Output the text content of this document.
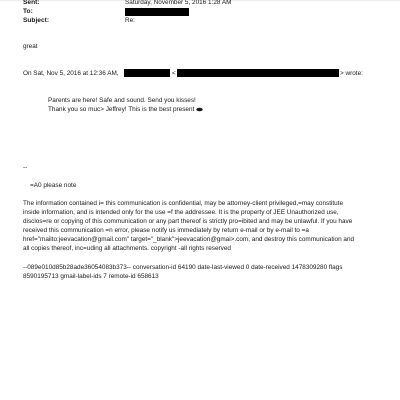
Sent:	Saturday, November 5, 2016 1:28 AM
To:
Subject:	Re:
great
On Sat, Nov 5, 2016 at 12:36 AM,	<	> wrote:
Parents are here! Safe and sound. Send you kisses!
Thank you so muc> Jeffrey! This is the best present
--
=A0 please note
The information contained i= this communication is confidential, may be attorney-client privileged,=may constitute
inside information, and is intended only for the use =f the addressee. It is the property of JEE Unauthorized use,
disclos=re or copying of this communication or any part thereof is strictly pro=ibited and may be unlawful. If you have
received this communication =n error, please notify us immediately by return e-mail or by e-mail to =a
href="mailto:jeevacation@gmail.com" target="_blank">jeevacation@gmai>.com, and destroy this communication and
all copies thereof, inc=uding all attachments. copyright -all rights reserved
--089e010d85b28ade36054083b373-- conversation-id 64190 date-last-viewed 0 date-received 1478309280 flags
8590195713 gmail-label-ids 7 remote-id 658613
